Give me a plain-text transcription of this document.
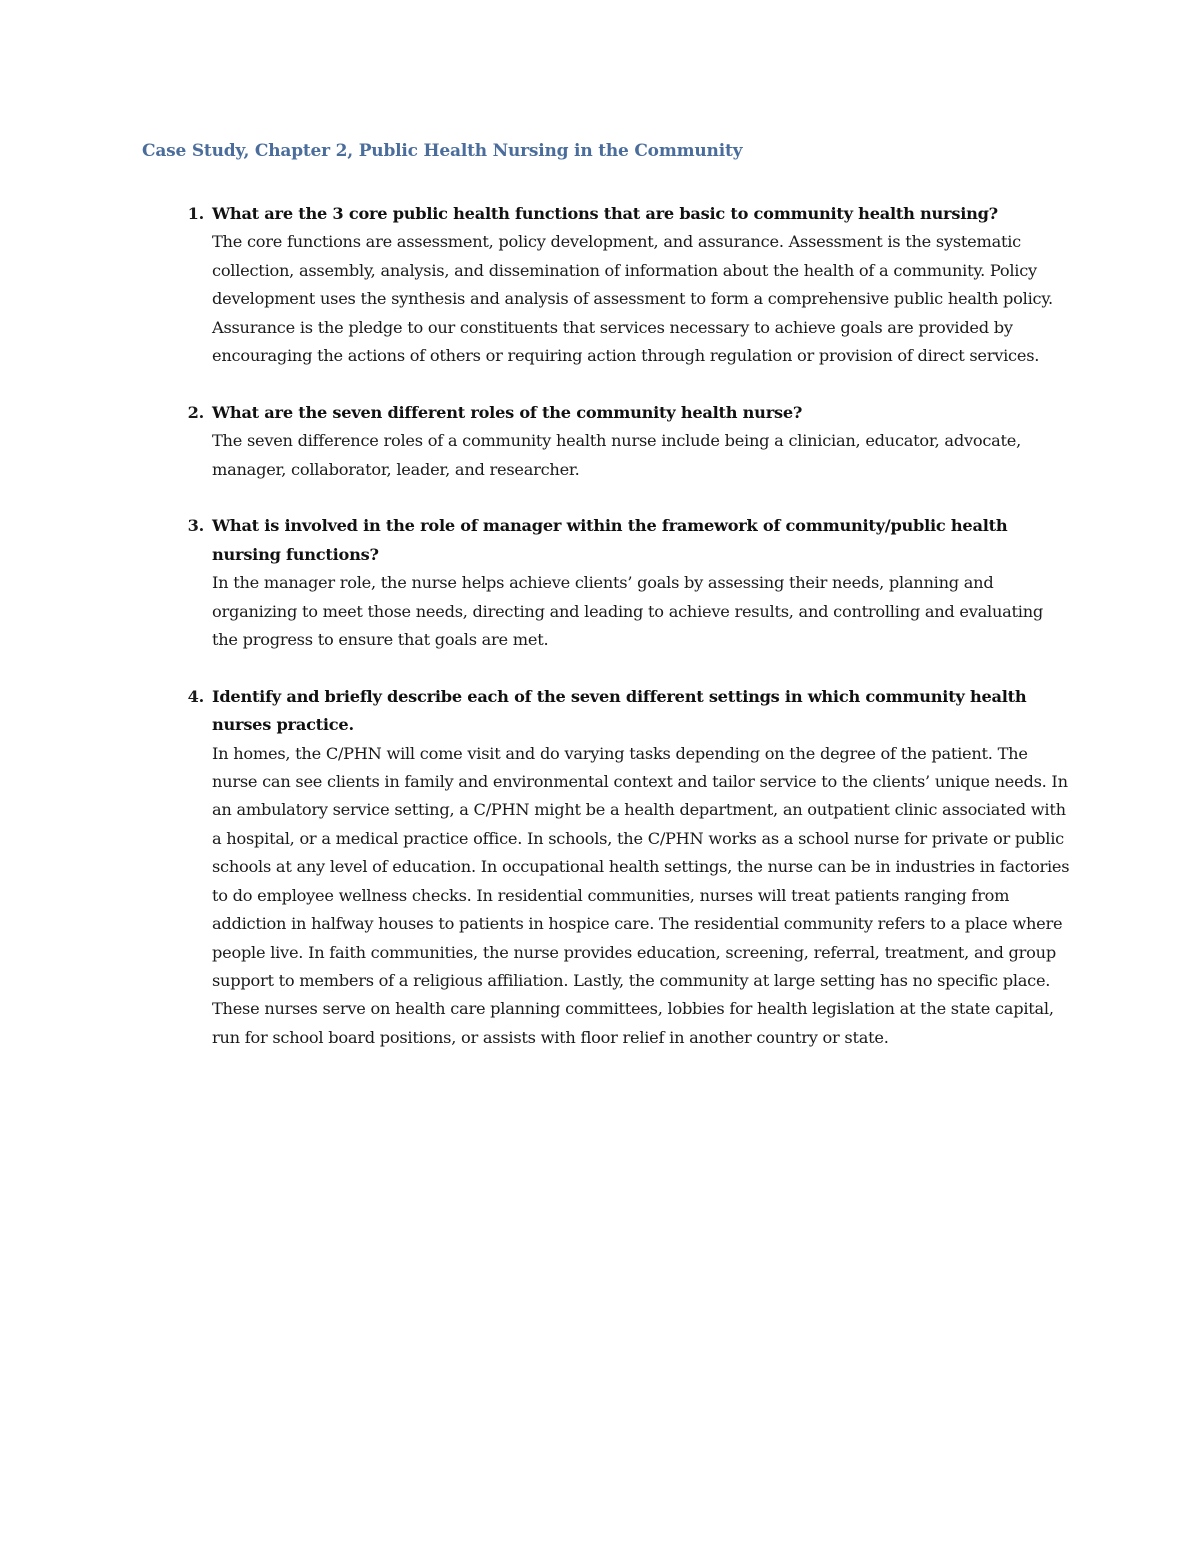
Case Study, Chapter 2, Public Health Nursing in the Community
1. What are the 3 core public health functions that are basic to community health nursing?
The core functions are assessment, policy development, and assurance. Assessment is the systematic collection, assembly, analysis, and dissemination of information about the health of a community. Policy development uses the synthesis and analysis of assessment to form a comprehensive public health policy. Assurance is the pledge to our constituents that services necessary to achieve goals are provided by encouraging the actions of others or requiring action through regulation or provision of direct services.
2. What are the seven different roles of the community health nurse?
The seven difference roles of a community health nurse include being a clinician, educator, advocate, manager, collaborator, leader, and researcher.
3. What is involved in the role of manager within the framework of community/public health nursing functions?
In the manager role, the nurse helps achieve clients’ goals by assessing their needs, planning and organizing to meet those needs, directing and leading to achieve results, and controlling and evaluating the progress to ensure that goals are met.
4. Identify and briefly describe each of the seven different settings in which community health nurses practice.
In homes, the C/PHN will come visit and do varying tasks depending on the degree of the patient. The nurse can see clients in family and environmental context and tailor service to the clients’ unique needs. In an ambulatory service setting, a C/PHN might be a health department, an outpatient clinic associated with a hospital, or a medical practice office. In schools, the C/PHN works as a school nurse for private or public schools at any level of education. In occupational health settings, the nurse can be in industries in factories to do employee wellness checks. In residential communities, nurses will treat patients ranging from addiction in halfway houses to patients in hospice care. The residential community refers to a place where people live. In faith communities, the nurse provides education, screening, referral, treatment, and group support to members of a religious affiliation. Lastly, the community at large setting has no specific place. These nurses serve on health care planning committees, lobbies for health legislation at the state capital, run for school board positions, or assists with floor relief in another country or state.
